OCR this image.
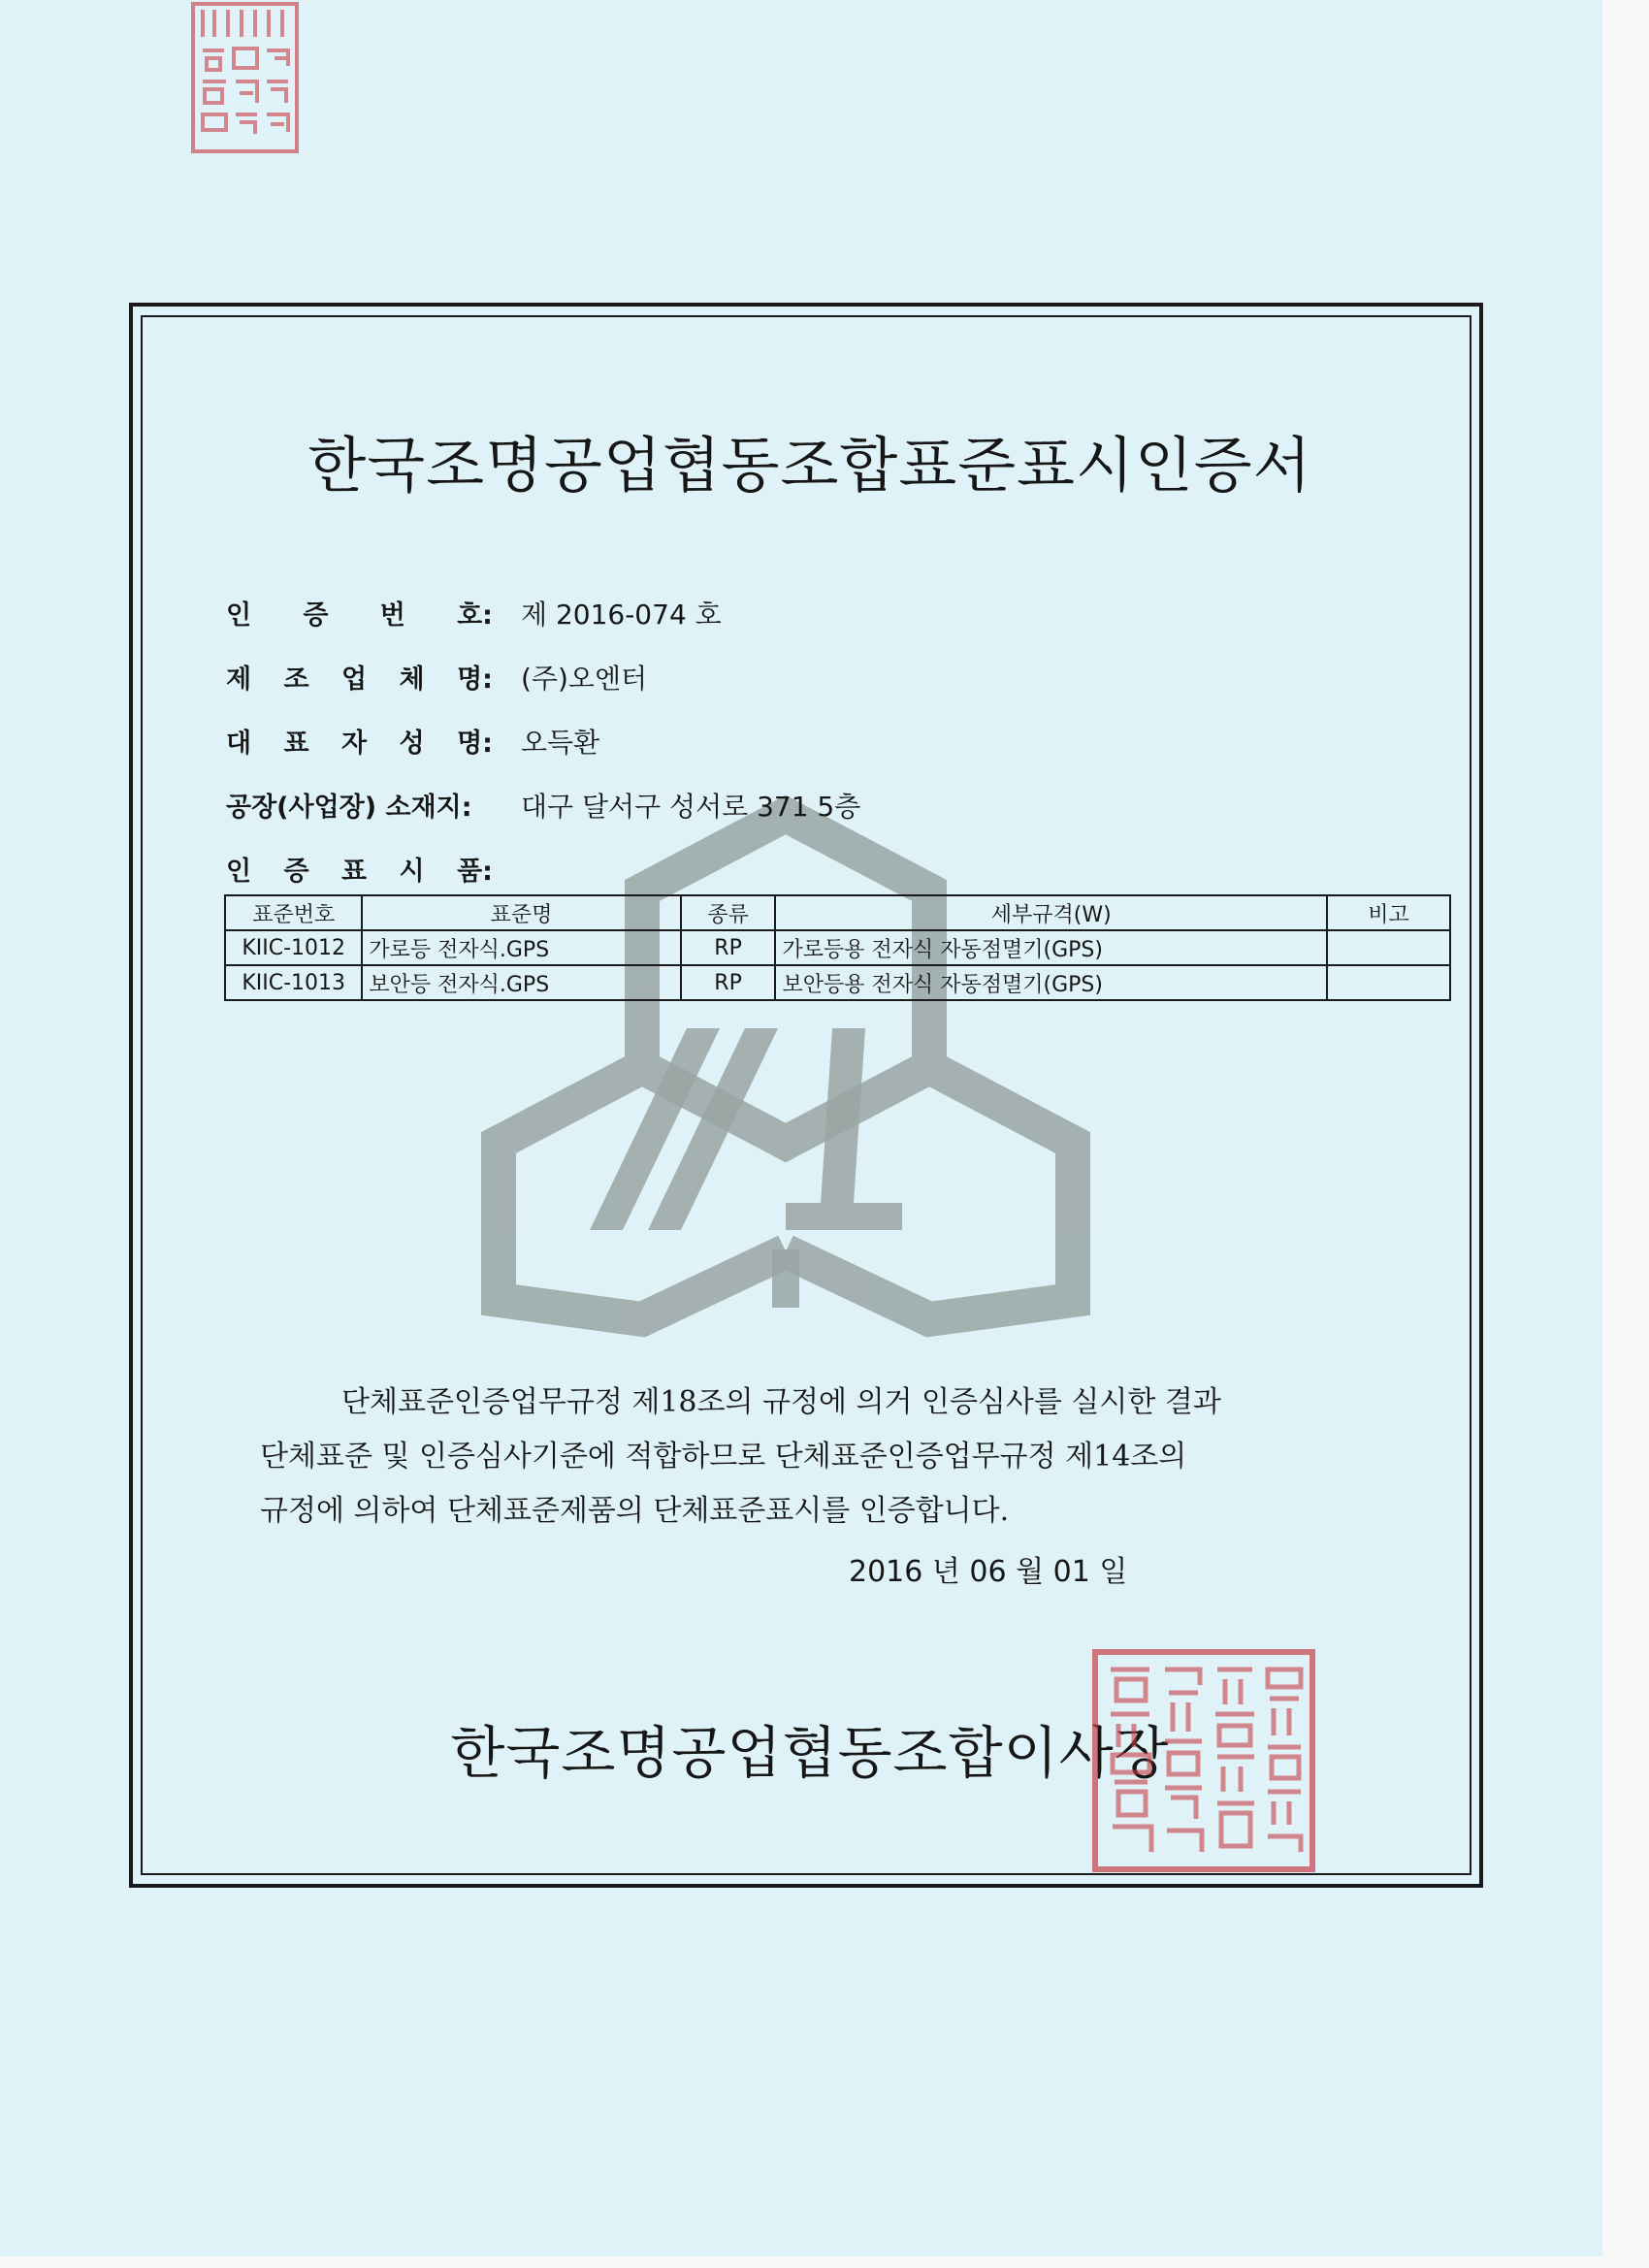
한국조명공업협동조합표준표시인증서
인 증 번 호: 제 2016-074 호
제 조 업 체 명: (주)오엔터
대 표 자 성 명: 오득환
공장(사업장) 소재지:	대구 달서구 성서로 371 5층
인 증 표 시 품:
표준번호	표준명	종류	세부규격(W)	비고
KIIC-1012	가로등 전자식.GPS	RP	가로등용 전자식 자동점멸기(GPS)	
KIIC-1013	보안등 전자식.GPS	RP	보안등용 전자식 자동점멸기(GPS)	
단체표준인증업무규정 제18조의 규정에 의거 인증심사를 실시한 결과
단체표준 및 인증심사기준에 적합하므로 단체표준인증업무규정 제14조의
규정에 의하여 단체표준제품의 단체표준표시를 인증합니다.
2016 년 06 월 01 일
한국조명공업협동조합이사장
